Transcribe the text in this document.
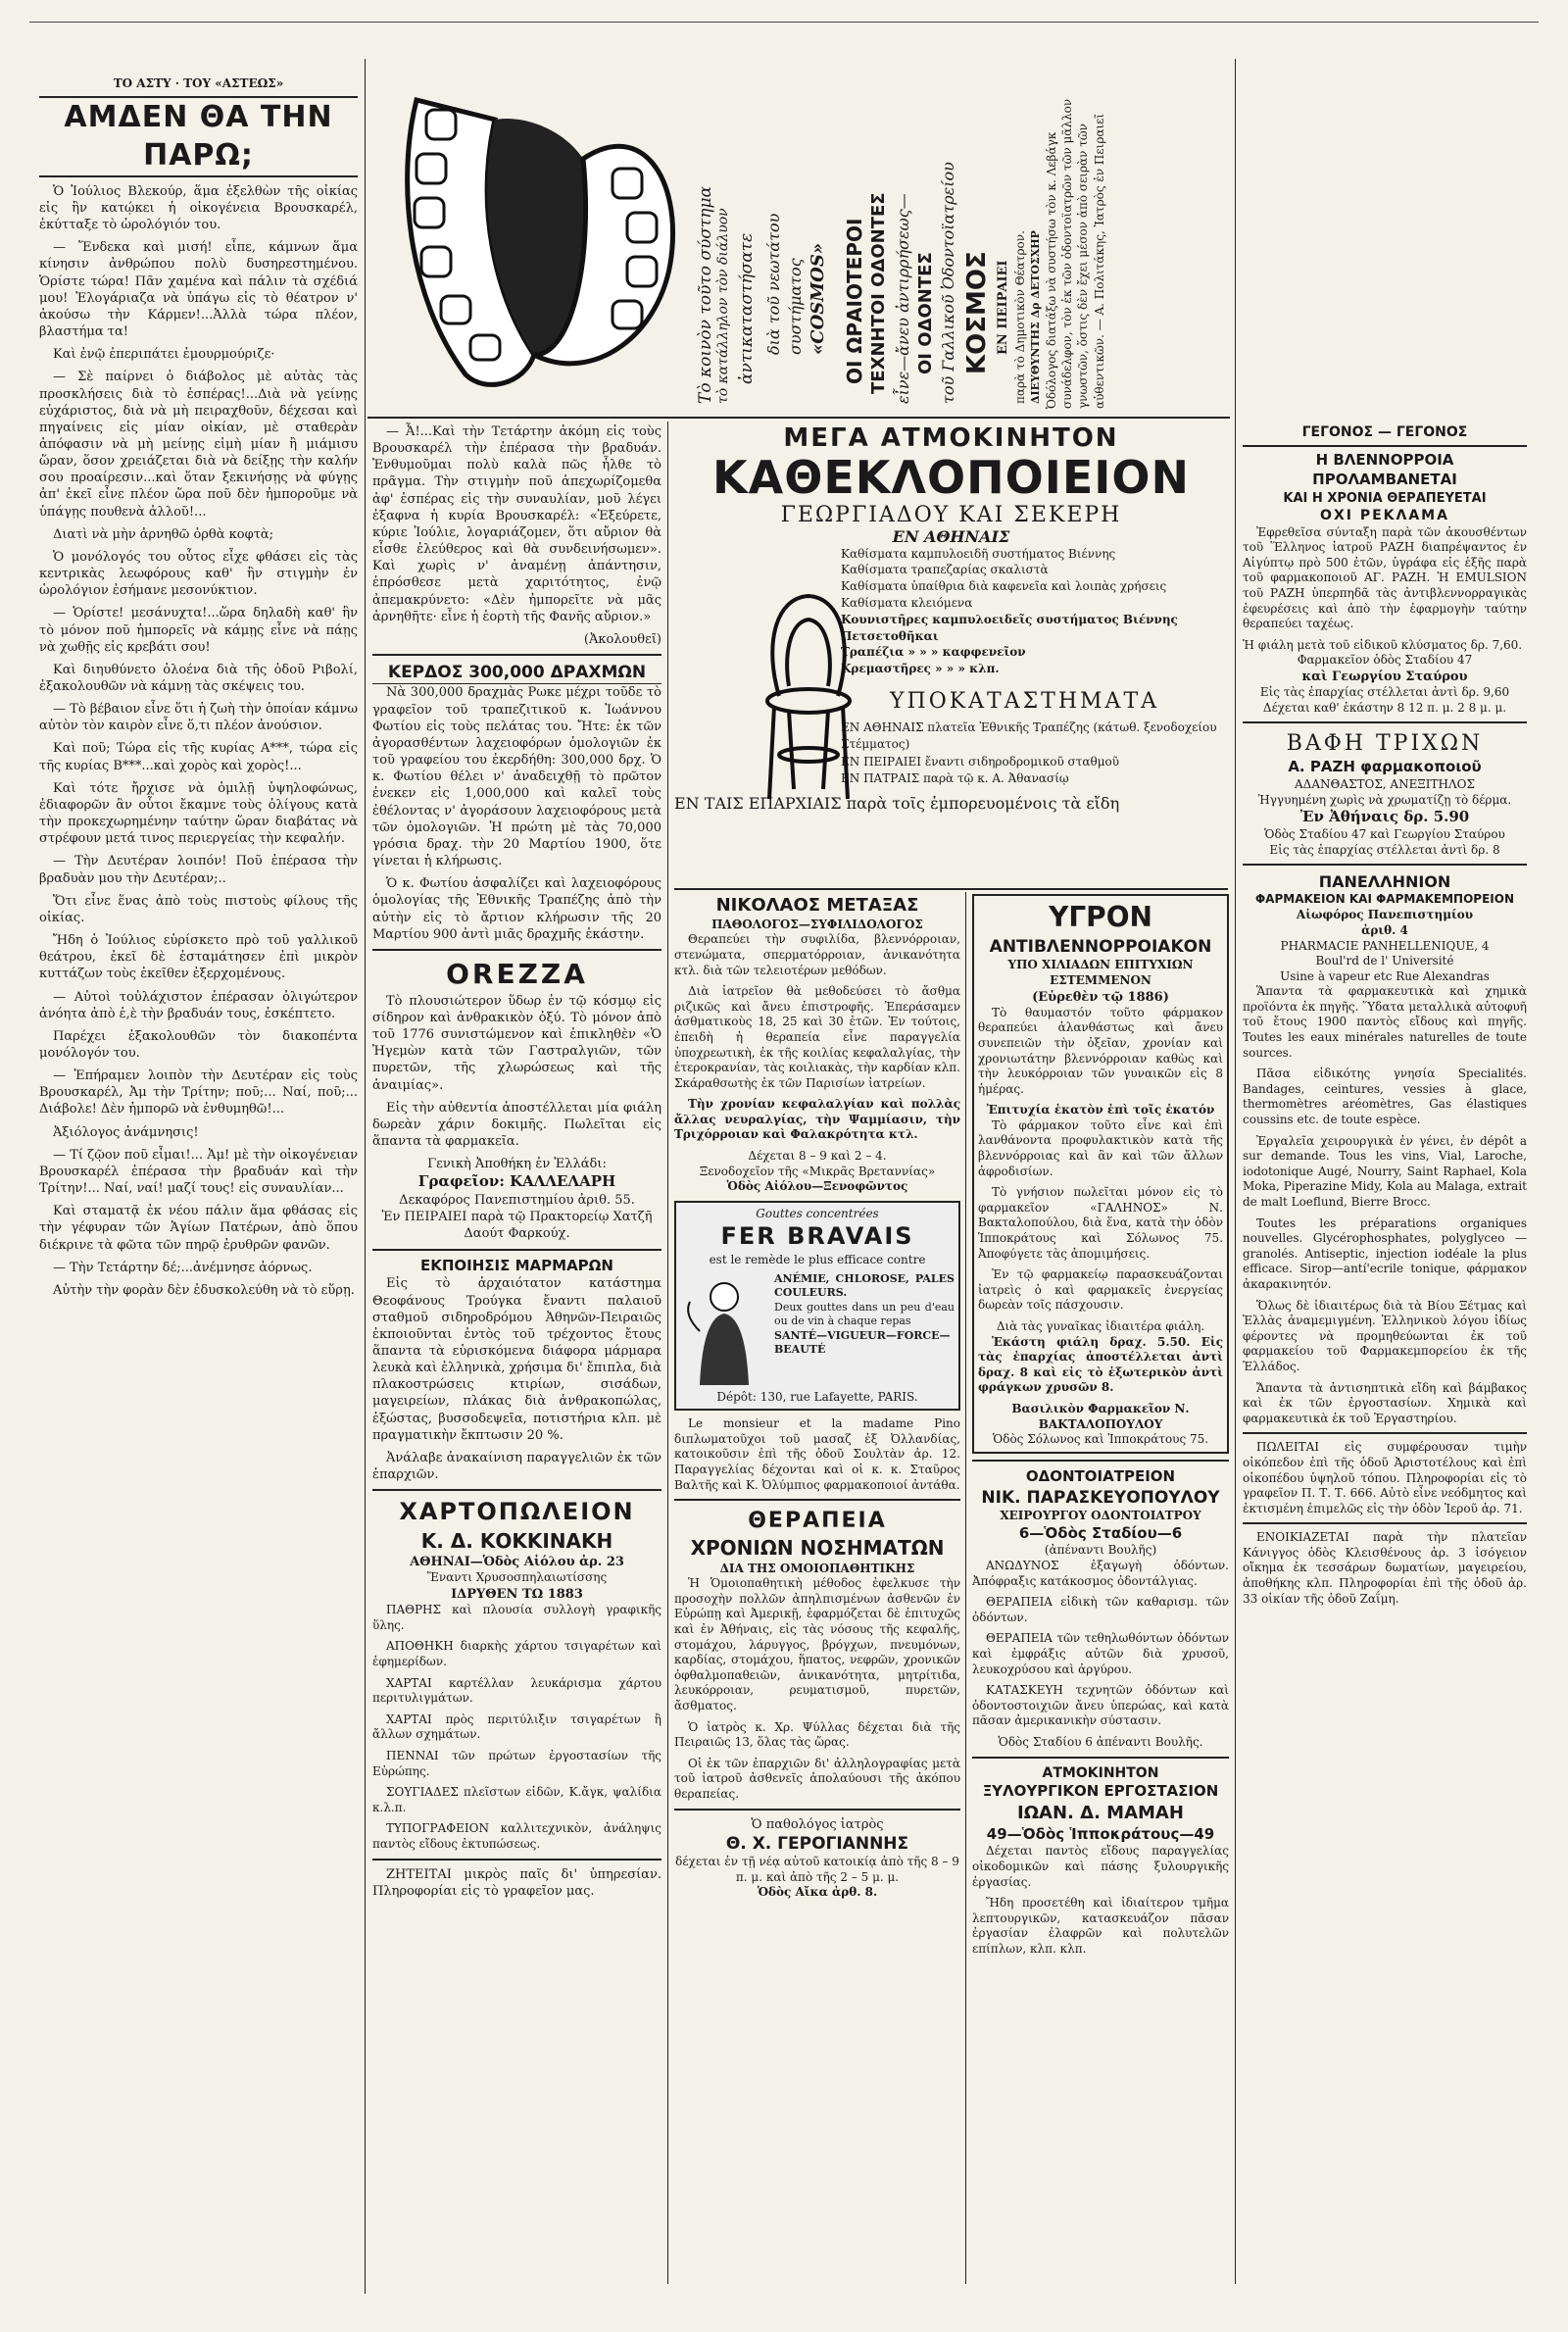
ΤΟ ΑΣΤΥ · ΤΟΥ «ΑΣΤΕΩΣ»
ΑΜΔΕΝ ΘΑ ΤΗΝ ΠΑΡΩ;

Ὁ Ἰούλιος Βλεκούρ, ἅμα ἐξελθὼν τῆς οἰκίας εἰς ἣν κατῴκει ἡ οἰκογένεια Βρουσκαρέλ, ἐκύτταξε τὸ ὡρολόγιόν του.

— Ἕνδεκα καὶ μισή! εἶπε, κάμνων ἅμα κίνησιν ἀνθρώπου πολὺ δυσηρεστημένου. Ὁρίστε τώρα! Πᾶν χαμένα καὶ πάλιν τὰ σχέδιά μου! Ἐλογάριαζα νὰ ὑπάγω εἰς τὸ θέατρον ν' ἀκούσω τὴν Κάρμεν!...Ἀλλὰ τώρα πλέον, βλαστήμα τα!

Καὶ ἐνῷ ἐπεριπάτει ἐμουρμούριζε·

— Σὲ παίρνει ὁ διάβολος μὲ αὐτὰς τὰς προσκλήσεις διὰ τὸ ἑσπέρας!...Διὰ νὰ γείνῃς εὐχάριστος, διὰ νὰ μὴ πειραχθοῦν, δέχεσαι καὶ πηγαίνεις εἰς μίαν οἰκίαν, μὲ σταθερὰν ἀπόφασιν νὰ μὴ μείνῃς εἰμὴ μίαν ἢ μιάμισυ ὥραν, ὅσον χρειάζεται διὰ νὰ δείξῃς τὴν καλήν σου προαίρεσιν...καὶ ὅταν ξεκινήσῃς νὰ φύγῃς ἀπ' ἐκεῖ εἶνε πλέον ὥρα ποῦ δὲν ἠμποροῦμε νὰ ὑπάγῃς πουθενὰ ἀλλοῦ!...

Διατὶ νὰ μὴν ἀρνηθῶ ὀρθὰ κοφτὰ;

Ὁ μονόλογός του οὗτος εἶχε φθάσει εἰς τὰς κεντρικὰς λεωφόρους καθ' ἣν στιγμὴν ἐν ὡρολόγιον ἐσήμανε μεσονύκτιον.

— Ὁρίστε! μεσάνυχτα!...ὥρα δηλαδὴ καθ' ἣν τὸ μόνον ποῦ ἠμπορεῖς νὰ κάμῃς εἶνε νὰ πάῃς νὰ χωθῇς εἰς κρεβάτι σου!

Καὶ διηυθύνετο ὀλοένα διὰ τῆς ὁδοῦ Ριβολί, ἐξακολουθῶν νὰ κάμνῃ τὰς σκέψεις του.

— Τὸ βέβαιον εἶνε ὅτι ἡ ζωὴ τὴν ὁποίαν κάμνω αὐτὸν τὸν καιρὸν εἶνε ὅ,τι πλέον ἀνούσιον.

Καὶ ποῦ; Τώρα εἰς τῆς κυρίας Α***, τώρα εἰς τῆς κυρίας Β***...καὶ χορὸς καὶ χορὸς!...

Καὶ τότε ἤρχισε νὰ ὁμιλῇ ὑψηλοφώνως, ἐδιαφορῶν ἂν οὗτοι ἔκαμνε τοὺς ὀλίγους κατὰ τὴν προκεχωρημένην ταύτην ὥραν διαβάτας νὰ στρέφουν μετά τινος περιεργείας τὴν κεφαλήν.

— Τὴν Δευτέραν λοιπόν! Ποῦ ἐπέρασα τὴν βραδυὰν μου τὴν Δευτέραν;..

Ὅτι εἶνε ἕνας ἀπὸ τοὺς πιστοὺς φίλους τῆς οἰκίας.

Ἤδη ὁ Ἰούλιος εὑρίσκετο πρὸ τοῦ γαλλικοῦ θεάτρου, ἐκεῖ δὲ ἐσταμάτησεν ἐπὶ μικρὸν κυττάζων τοὺς ἐκεῖθεν ἐξερχομένους.

— Αὐτοὶ τοὐλάχιστον ἐπέρασαν ὀλιγώτερον ἀνόητα ἀπὸ ἐ,ὲ τὴν βραδυάν τους, ἐσκέπτετο.

Παρέχει ἐξακολουθῶν τὸν διακοπέντα μονόλογόν του.

— Ἐπήραμεν λοιπὸν τὴν Δευτέραν εἰς τοὺς Βρουσκαρέλ, Ἀμ τὴν Τρίτην; ποῦ;... Ναί, ποῦ;... Διάβολε! Δὲν ἠμπορῶ νὰ ἐνθυμηθῶ!...

Ἀξιόλογος ἀνάμνησις!

— Τί ζῷον ποῦ εἶμαι!... Ἀμ! μὲ τὴν οἰκογένειαν Βρουσκαρέλ ἐπέρασα τὴν βραδυάν καὶ τὴν Τρίτην!... Ναί, ναί! μαζί τους! εἰς συναυλίαν...

Καὶ σταματᾷ ἐκ νέου πάλιν ἅμα φθάσας εἰς τὴν γέφυραν τῶν Ἁγίων Πατέρων, ἀπὸ ὅπου διέκρινε τὰ φῶτα τῶν πηρῷ ἐρυθρῶν φανῶν.

— Τὴν Τετάρτην δέ;...ἀνέμνησε ἀόρνως.

Αὐτὴν τὴν φορὰν δὲν ἐδυσκολεύθη νὰ τὸ εὕρῃ.

Τὸ κοινὸν τοῦτο σύστημα τὸ κατάλληλον τὸν διάλυον ἀντικαταστήσατε διὰ τοῦ νεωτάτου συστήματος «COSMOS» ΟΙ ΩΡΑΙΟΤΕΡΟΙ ΤΕΧΝΗΤΟΙ ΟΔΟΝΤΕΣ εἶνε—ἄνευ ἀντιρρήσεως— ΟΙ ΟΔΟΝΤΕΣ τοῦ Γαλλικοῦ Ὀδοντοϊατρείου ΚΟΣΜΟΣ ΕΝ ΠΕΙΡΑΙΕΙ παρὰ τὸ Δημοτικὸν Θέατρον. ΔΙΕΥΘΥΝΤΗΣ Δρ ΔΕΤΟΣΧΗΡ Ὀδόλογος διατάξω νὰ συστήσω τὸν κ. Λεβάγκ συνάδελφον, τὸν ἐκ τῶν ὀδοντοϊατρῶν τῶν μᾶλλον γνωστῶν, ὅστις δὲν ἔχει μέσον ἀπὸ σειρὰν τῶν αὐθεντικῶν. — Α. Πολιτάκης, Ἰατρὸς ἐν Πειραιεῖ

— Ἆ!...Καὶ τὴν Τετάρτην ἀκόμη εἰς τοὺς Βρουσκαρέλ τὴν ἐπέρασα τὴν βραδυάν. Ἐνθυμοῦμαι πολὺ καλὰ πῶς ἦλθε τὸ πρᾶγμα. Τὴν στιγμὴν ποῦ ἀπεχωρίζομεθα ἀφ' ἑσπέρας εἰς τὴν συναυλίαν, μοῦ λέγει ἐξαφνα ἡ κυρία Βρουσκαρέλ: «Ἐξεύρετε, κύριε Ἰούλιε, λογαριάζομεν, ὅτι αὔριον θὰ εἶσθε ἐλεύθερος καὶ θὰ συνδεινήσωμεν». Καὶ χωρὶς ν' ἀναμένῃ ἀπάντησιν, ἐπρόσθεσε μετὰ χαριτότητος, ἐνῷ ἀπεμακρύνετο: «Δὲν ἠμπορεῖτε νὰ μᾶς ἀρνηθῆτε· εἶνε ἡ ἑορτὴ τῆς Φανῆς αὔριον.»

(Ἀκολουθεῖ)
ΚΕΡΔΟΣ 300,000 ΔΡΑΧΜΩΝ

Νὰ 300,000 δραχμὰς Ρωκε μέχρι τοῦδε τὸ γραφεῖον τοῦ τραπεζιτικοῦ κ. Ἰωάννου Φωτίου εἰς τοὺς πελάτας του. Ἤτε: ἐκ τῶν ἀγορασθέντων λαχειοφόρων ὁμολογιῶν ἐκ τοῦ γραφείου του ἐκερδήθη: 300,000 δρχ. Ὁ κ. Φωτίου θέλει ν' ἀναδειχθῇ τὸ πρῶτον ἐνεκεν εἰς 1,000,000 καὶ καλεῖ τοὺς ἐθέλοντας ν' ἀγοράσουν λαχειοφόρους μετὰ τῶν ὁμολογιῶν. Ἡ πρώτη μὲ τὰς 70,000 γρόσια δραχ. τὴν 20 Μαρτίου 1900, ὅτε γίνεται ἡ κλήρωσις.

Ὁ κ. Φωτίου ἀσφαλίζει καὶ λαχειοφόρους ὁμολογίας τῆς Ἐθνικῆς Τραπέζης ἀπὸ τὴν αὐτὴν εἰς τὸ ἄρτιον κλήρωσιν τῆς 20 Μαρτίου 900 ἀντὶ μιᾶς δραχμῆς ἑκάστην.

OREZZA

Τὸ πλουσιώτερον ὕδωρ ἐν τῷ κόσμῳ εἰς σίδηρον καὶ ἀνθρακικὸν ὀξύ. Τὸ μόνον ἀπὸ τοῦ 1776 συνιστώμενον καὶ ἐπικληθὲν «Ὁ Ἡγεμὼν κατὰ τῶν Γαστραλγιῶν, τῶν πυρετῶν, τῆς χλωρώσεως καὶ τῆς ἀναιμίας».

Εἰς τὴν αὐθεντία ἀποστέλλεται μία φιάλη δωρεὰν χάριν δοκιμῆς. Πωλεῖται εἰς ἅπαντα τὰ φαρμακεῖα.

Γενικὴ Ἀποθήκη ἐν Ἑλλάδι:
Γραφεῖον: ΚΑΛΛΕΛΑΡΗ
Δεκαφόρος Πανεπιστημίου ἀριθ. 55.
Ἐν ΠΕΙΡΑΙΕΙ παρὰ τῷ Πρακτορείῳ Χατζῆ Δαούτ Φαρκούχ.
ΕΚΠΟΙΗΣΙΣ ΜΑΡΜΑΡΩΝ

Εἰς τὸ ἀρχαιότατον κατάστημα Θεοφάνους Τρούγκα ἔναντι παλαιοῦ σταθμοῦ σιδηροδρόμου Ἀθηνῶν-Πειραιῶς ἐκποιοῦνται ἐντὸς τοῦ τρέχοντος ἔτους ἅπαντα τὰ εὑρισκόμενα διάφορα μάρμαρα λευκὰ καὶ ἑλληνικὰ, χρήσιμα δι' ἔπιπλα, διὰ πλακοστρώσεις κτιρίων, σισάδων, μαγειρείων, πλάκας διὰ ἀνθρακοπώλας, ἐξώστας, βυσσοδεψεῖα, ποτιστήρια κλπ. μὲ πραγματικὴν ἔκπτωσιν 20 %.

Ἀνάλαβε ἀνακαίνιση παραγγελιῶν ἐκ τῶν ἐπαρχιῶν.

ΧΑΡΤΟΠΩΛΕΙΟΝ
Κ. Δ. ΚΟΚΚΙΝΑΚΗ
ΑΘΗΝΑΙ—Ὁδὸς Αἰόλου ἀρ. 23
Ἔναντι Χρυσοσπηλαιωτίσσης
ΙΔΡΥΘΕΝ ΤΩ 1883

ΠΑΘΡΗΣ καὶ πλουσία συλλογὴ γραφικῆς ὕλης.

ΑΠΟΘΗΚΗ διαρκὴς χάρτου τσιγαρέτων καὶ ἐφημερίδων.

ΧΑΡΤΑΙ καρτέλλαν λευκάρισμα χάρτου περιτυλιγμάτων.

ΧΑΡΤΑΙ πρὸς περιτύλιξιν τσιγαρέτων ἢ ἄλλων σχημάτων.

ΠΕΝΝΑΙ τῶν πρώτων ἐργοστασίων τῆς Εὐρώπης.

ΣΟΥΓΙΑΔΕΣ πλεῖστων εἰδῶν, Κ.ἄγκ, ψαλίδια κ.λ.π.

ΤΥΠΟΓΡΑΦΕΙΟΝ καλλιτεχνικὸν, ἀνάληψις παντὸς εἴδους ἐκτυπώσεως.

ΖΗΤΕΙΤΑΙ μικρὸς παῖς δι' ὑπηρεσίαν. Πληροφορίαι εἰς τὸ γραφεῖον μας.

ΜΕΓΑ ΑΤΜΟΚΙΝΗΤΟΝ
ΚΑΘΕΚΛΟΠΟΙΕΙΟΝ
ΓΕΩΡΓΙΑΔΟΥ ΚΑΙ ΣΕΚΕΡΗ
ΕΝ ΑΘΗΝΑΙΣ
Καθίσματα καμπυλοειδῆ συστήματος Βιέννης
Καθίσματα τραπεζαρίας σκαλιστὰ
Καθίσματα ὑπαίθρια διὰ καφενεῖα καὶ λοιπὰς χρήσεις
Καθίσματα κλειόμενα
Κουνιστῆρες καμπυλοειδεῖς συστήματος Βιέννης
Πετσετοθῆκαι
Τραπέζια » » » καφφενεῖον
Κρεμαστῆρες » » » κλπ.
ΥΠΟΚΑΤΑΣΤΗΜΑΤΑ
ΕΝ ΑΘΗΝΑΙΣ πλατεῖα Ἐθνικῆς Τραπέζης (κάτωθ. ξενοδοχείου Στέμματος)
ΕΝ ΠΕΙΡΑΙΕΙ ἔναντι σιδηροδρομικοῦ σταθμοῦ
ΕΝ ΠΑΤΡΑΙΣ παρὰ τῷ κ. Α. Ἀθανασίῳ
ΕΝ ΤΑΙΣ ΕΠΑΡΧΙΑΙΣ παρὰ τοῖς ἐμπορευομένοις τὰ εἴδη
ΝΙΚΟΛΑΟΣ ΜΕΤΑΞΑΣ
ΠΑΘΟΛΟΓΟΣ—ΣΥΦΙΛΙΔΟΛΟΓΟΣ

Θεραπεύει τὴν συφιλίδα, βλεννόρροιαν, στενώματα, σπερματόρροιαν, ἀνικανότητα κτλ. διὰ τῶν τελειοτέρων μεθόδων.

Διὰ ἰατρεῖον θὰ μεθοδεύσει τὸ ἄσθμα ριζικῶς καὶ ἄνευ ἐπιστροφῆς. Ἐπεράσαμεν ἀσθματικοὺς 18, 25 καὶ 30 ἐτῶν. Ἐν τούτοις, ἐπειδὴ ἡ θεραπεία εἶνε παραγγελία ὑποχρεωτικὴ, ἐκ τῆς κοιλίας κεφαλαλγίας, τὴν ἑτεροκρανίαν, τὰς κοιλιακὰς, τὴν καρδίαν κλπ. Σκάραθσωτὴς ἐκ τῶν Παρισίων ἰατρείων.

Τὴν χρονίαν κεφαλαλγίαν καὶ πολλὰς ἄλλας νευραλγίας, τὴν Ψαμμίασιν, τὴν Τριχόρροιαν καὶ Φαλακρότητα κτλ.

Δέχεται 8 – 9 καὶ 2 – 4.
Ξενοδοχεῖον τῆς «Μικρᾶς Βρεταννίας»
Ὁδὸς Αἰόλου—Ξενοφῶντος
Gouttes concentrées
FER BRAVAIS
est le remède le plus efficace contre
ANÉMIE, CHLOROSE, PALES COULEURS.
Deux gouttes dans un peu d'eau ou de vin à chaque repas
SANTÉ—VIGUEUR—FORCE—BEAUTÉ
Dépôt: 130, rue Lafayette, PARIS.

Le monsieur et la madame Pino διπλωματοῦχοι τοῦ μασαζ ἐξ Ὀλλανδίας, κατοικοῦσιν ἐπὶ τῆς ὁδοῦ Σουλτὰν ἀρ. 12. Παραγγελίας δέχονται καὶ οἱ κ. κ. Σταῦρος Βαλτῆς καὶ Κ. Ὀλύμπιος φαρμακοποιοί ἀντάθα.

ΘΕΡΑΠΕΙΑ
ΧΡΟΝΙΩΝ ΝΟΣΗΜΑΤΩΝ
ΔΙΑ ΤΗΣ ΟΜΟΙΟΠΑΘΗΤΙΚΗΣ

Ἡ Ὁμοιοπαθητικὴ μέθοδος ἐφελκυσε τὴν προσοχὴν πολλῶν ἀπηλπισμένων ἀσθενῶν ἐν Εὐρώπῃ καὶ Ἀμερικῇ, ἐφαρμόζεται δὲ ἐπιτυχῶς καὶ ἐν Ἀθήναις, εἰς τὰς νόσους τῆς κεφαλῆς, στομάχου, λάρυγγος, βρόγχων, πνευμόνων, καρδίας, στομάχου, ἥπατος, νεφρῶν, χρονικῶν ὀφθαλμοπαθειῶν, ἀνικανότητα, μητρίτιδα, λευκόρροιαν, ρευματισμοῦ, πυρετῶν, ἄσθματος.

Ὁ ἰατρὸς κ. Χρ. Ψύλλας δέχεται διὰ τῆς Πειραιῶς 13, ὅλας τὰς ὥρας.

Οἱ ἐκ τῶν ἐπαρχιῶν δι' ἀλληλογραφίας μετὰ τοῦ ἰατροῦ ἀσθενεῖς ἀπολαύουσι τῆς ἀκόπου θεραπείας.

Ὁ παθολόγος ἰατρὸς
Θ. Χ. ΓΕΡΟΓΙΑΝΝΗΣ
δέχεται ἐν τῇ νέᾳ αὐτοῦ κατοικίᾳ ἀπὸ τῆς 8 – 9 π. μ. καὶ ἀπὸ τῆς 2 – 5 μ. μ.
Ὁδὸς Αἴκα ἀρθ. 8.
ΥΓΡΟΝ
ΑΝΤΙΒΛΕΝΝΟΡΡΟΙΑΚΟΝ
ΥΠΟ ΧΙΛΙΑΔΩΝ ΕΠΙΤΥΧΙΩΝ
ΕΣΤΕΜΜΕΝΟΝ
(Εὑρεθὲν τῷ 1886)

Τὸ θαυμαστόν τοῦτο φάρμακον θεραπεύει ἀλανθάστως καὶ ἄνευ συνεπειῶν τὴν ὀξεῖαν, χρονίαν καὶ χρονιωτάτην βλεννόρροιαν καθὼς καὶ τὴν λευκόρροιαν τῶν γυναικῶν εἰς 8 ἡμέρας.

Ἐπιτυχία ἐκατὸν ἐπὶ τοῖς ἑκατόν

Τὸ φάρμακον τοῦτο εἶνε καὶ ἐπὶ λανθάνοντα προφυλακτικὸν κατὰ τῆς βλεννόρροιας καὶ ἂν καὶ τῶν ἄλλων ἀφροδισίων.

Τὸ γνήσιον πωλεῖται μόνον εἰς τὸ φαρμακεῖον «ΓΑΛΗΝΟΣ» Ν. Βακταλοπούλου, διὰ ἕνα, κατὰ τὴν ὁδὸν Ἱπποκράτους καὶ Σόλωνος 75. Ἀποφύγετε τὰς ἀπομιμήσεις.

Ἐν τῷ φαρμακείῳ παρασκευάζονται ἰατρεὶς ὁ καὶ φαρμακεῖς ἐνεργείας δωρεὰν τοῖς πάσχουσιν.

Διὰ τὰς γυναῖκας ἰδιαιτέρα φιάλη.

Ἑκάστη φιάλη δραχ. 5.50. Εἰς τὰς ἐπαρχίας ἀποστέλλεται ἀντὶ δραχ. 8 καὶ εἰς τὸ ἐξωτερικὸν ἀντὶ φράγκων χρυσῶν 8.

Βασιλικὸν Φαρμακεῖον Ν. ΒΑΚΤΑΛΟΠΟΥΛΟΥ
Ὁδὸς Σόλωνος καὶ Ἱπποκράτους 75.
ΟΔΟΝΤΟΙΑΤΡΕΙΟΝ
ΝΙΚ. ΠΑΡΑΣΚΕΥΟΠΟΥΛΟΥ
ΧΕΙΡΟΥΡΓΟΥ ΟΔΟΝΤΟΙΑΤΡΟΥ
6—Ὁδὸς Σταδίου—6
(ἀπέναντι Βουλῆς)

ΑΝΩΔΥΝΟΣ ἐξαγωγὴ ὀδόντων. Ἀπόφραξις κατάκοσμος ὀδοντάλγιας.

ΘΕΡΑΠΕΙΑ εἰδικὴ τῶν καθαρισμ. τῶν ὀδόντων.

ΘΕΡΑΠΕΙΑ τῶν τεθηλωθόντων ὀδόντων καὶ ἐμφράξις αὐτῶν διὰ χρυσοῦ, λευκοχρύσου καὶ ἀργύρου.

ΚΑΤΑΣΚΕΥΗ τεχνητῶν ὀδόντων καὶ ὀδοντοστοιχιῶν ἄνευ ὑπερώας, καὶ κατὰ πᾶσαν ἀμερικανικὴν σύστασιν.

Ὁδὸς Σταδίου 6 ἀπέναντι Βουλῆς.
ΑΤΜΟΚΙΝΗΤΟΝ
ΞΥΛΟΥΡΓΙΚΟΝ ΕΡΓΟΣΤΑΣΙΟΝ
ΙΩΑΝ. Δ. ΜΑΜΑΗ
49—Ὁδὸς Ἱπποκράτους—49

Δέχεται παντὸς εἴδους παραγγελίας οἰκοδομικῶν καὶ πάσης ξυλουργικῆς ἐργασίας.

Ἤδη προσετέθη καὶ ἰδιαίτερον τμῆμα λεπτουργικῶν, κατασκευάζον πᾶσαν ἐργασίαν ἐλαφρῶν καὶ πολυτελῶν επίπλων, κλπ. κλπ.

ΓΕΓΟΝΟΣ — ΓΕΓΟΝΟΣ
Η ΒΛΕΝΝΟΡΡΟΙΑ ΠΡΟΛΑΜΒΑΝΕΤΑΙ
ΚΑΙ Η ΧΡΟΝΙΑ ΘΕΡΑΠΕΥΕΤΑΙ
ΟΧΙ ΡΕΚΛΑΜΑ

Ἐφρεθεῖσα σύνταξη παρὰ τῶν ἀκουσθέντων τοῦ Ἕλληνος ἰατροῦ ΡΑΖΗ διαπρέψαντος ἐν Αἰγύπτῳ πρὸ 500 ἐτῶν, ὑγράφα εἰς ἑξῆς παρὰ τοῦ φαρμακοποιοῦ ΑΓ. ΡΑΖΗ. Ἡ EMULSION τοῦ ΡΑΖΗ ὑπερπηδᾶ τὰς ἀντιβλεννορραγικὰς ἐφευρέσεις καὶ ἀπὸ τὴν ἐφαρμογὴν ταύτην θεραπεύει ταχέως.

Ἡ φιάλη μετὰ τοῦ εἰδικοῦ κλύσματος δρ. 7,60.
Φαρμακεῖον ὁδὸς Σταδίου 47
καὶ Γεωργίου Σταύρου
Εἰς τὰς ἐπαρχίας στέλλεται ἀντὶ δρ. 9,60
Δέχεται καθ' ἑκάστην 8 12 π. μ. 2 8 μ. μ.
ΒΑΦΗ ΤΡΙΧΩΝ
Α. ΡΑΖΗ φαρμακοποιοῦ
ΑΔΑΝΘΑΣΤΟΣ, ΑΝΕΞΙΤΗΛΟΣ
Ἠγγυημένη χωρὶς νὰ χρωματίζῃ τὸ δέρμα.
Ἐν Ἀθήναις δρ. 5.90
Ὁδὸς Σταδίου 47 καὶ Γεωργίου Σταύρου
Εἰς τὰς ἐπαρχίας στέλλεται ἀντὶ δρ. 8
ΠΑΝΕΛΛΗΝΙΟΝ
ΦΑΡΜΑΚΕΙΟΝ ΚΑΙ ΦΑΡΜΑΚΕΜΠΟΡΕΙΟΝ
Αἰωφόρος Πανεπιστημίου
ἀριθ. 4
PHARMACIE PANHELLENIQUE, 4
Boul'rd de l' Université
Usine à vapeur etc Rue Alexandras

Ἅπαντα τὰ φαρμακευτικὰ καὶ χημικὰ προϊόντα ἐκ πηγῆς. Ὕδατα μεταλλικὰ αὐτοφυῆ τοῦ ἔτους 1900 παντὸς εἴδους καὶ πηγῆς. Toutes les eaux minérales naturelles de toute sources.

Πᾶσα εἰδικότης γνησία Specialités. Bandages, ceintures, vessies à glace, thermomètres aréomètres, Gas élastiques coussins etc. de toute espèce.

Ἐργαλεῖα χειρουργικὰ ἐν γένει, ἐν dépôt a sur demande. Tous les vins, Vial, Laroche, iodotonique Augé, Nourry, Saint Raphael, Kola Moka, Piperazine Midy, Kola au Malaga, extrait de malt Loeflund, Bierre Brocc.

Toutes les préparations organiques nouvelles. Glycérophosphates, polyglyceo — granolés. Antiseptic, injection iodéale la plus efficace. Sirop—antí'ecrile tonique, φάρμακον ἀκαρακινητόν.

Ὅλως δὲ ἰδιαιτέρως διὰ τὰ Βίου Ξέτμας καὶ Ἑλλὰς ἀναμεμιγμένη. Ἑλληνικοὺ λόγου ἰδίως φέροντες νὰ προμηθεύωνται ἐκ τοῦ φαρμακείου τοῦ Φαρμακεμπορείου ἐκ τῆς Ἐλλάδος.

Ἄπαντα τὰ ἀντισηπτικὰ εἴδη καὶ βάμβακος καὶ ἐκ τῶν ἐργοστασίων. Χημικὰ καὶ φαρμακευτικὰ ἐκ τοῦ Ἐργαστηρίου.

ΠΩΛΕΙΤΑΙ εἰς συμφέρουσαν τιμὴν οἰκόπεδον ἐπὶ τῆς ὁδοῦ Ἀριστοτέλους καὶ ἐπὶ οἰκοπέδου ὑψηλοῦ τόπου. Πληροφορίαι εἰς τὸ γραφεῖον Π. Τ. Τ. 666. Αὐτὸ εἶνε νεόδμητος καὶ ἐκτισμένη ἐπιμελῶς εἰς τὴν ὁδὸν Ἱεροῦ ἀρ. 71.

ΕΝΟΙΚΙΑΖΕΤΑΙ παρὰ τὴν πλατεῖαν Κάνιγγος ὁδὸς Κλεισθένους ἀρ. 3 ἰσόγειον οἴκημα ἐκ τεσσάρων δωματίων, μαγειρείου, ἀποθήκης κλπ. Πληροφορίαι ἐπὶ τῆς ὁδοῦ ἀρ. 33 οἰκίαν τῆς ὁδοῦ Ζαΐμη.
